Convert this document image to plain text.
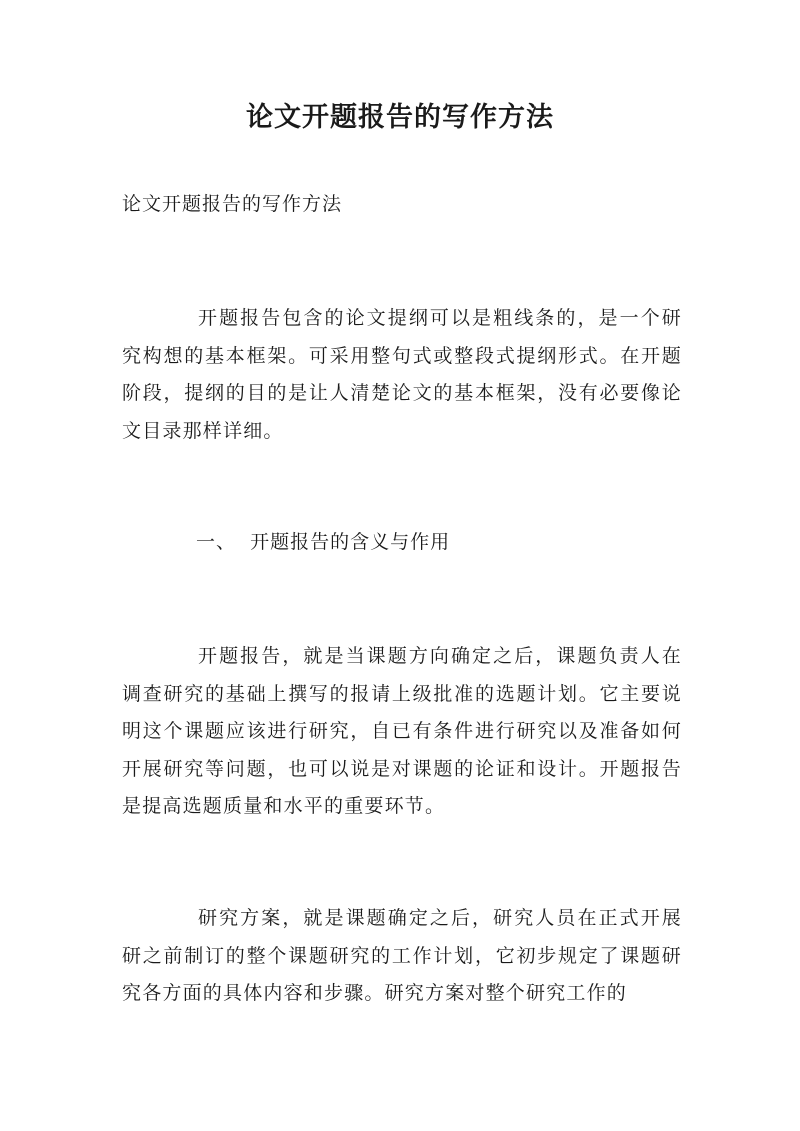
论文开题报告的写作方法

论文开题报告的写作方法

开题报告包含的论文提纲可以是粗线条的，是一个研究构想的基本框架。可采用整句式或整段式提纲形式。在开题阶段，提纲的目的是让人清楚论文的基本框架，没有必要像论文目录那样详细。

一、  开题报告的含义与作用

开题报告，就是当课题方向确定之后，课题负责人在调查研究的基础上撰写的报请上级批准的选题计划。它主要说明这个课题应该进行研究，自已有条件进行研究以及准备如何开展研究等问题，也可以说是对课题的论证和设计。开题报告是提高选题质量和水平的重要环节。

研究方案，就是课题确定之后，研究人员在正式开展研之前制订的整个课题研究的工作计划，它初步规定了课题研究各方面的具体内容和步骤。研究方案对整个研究工作的
